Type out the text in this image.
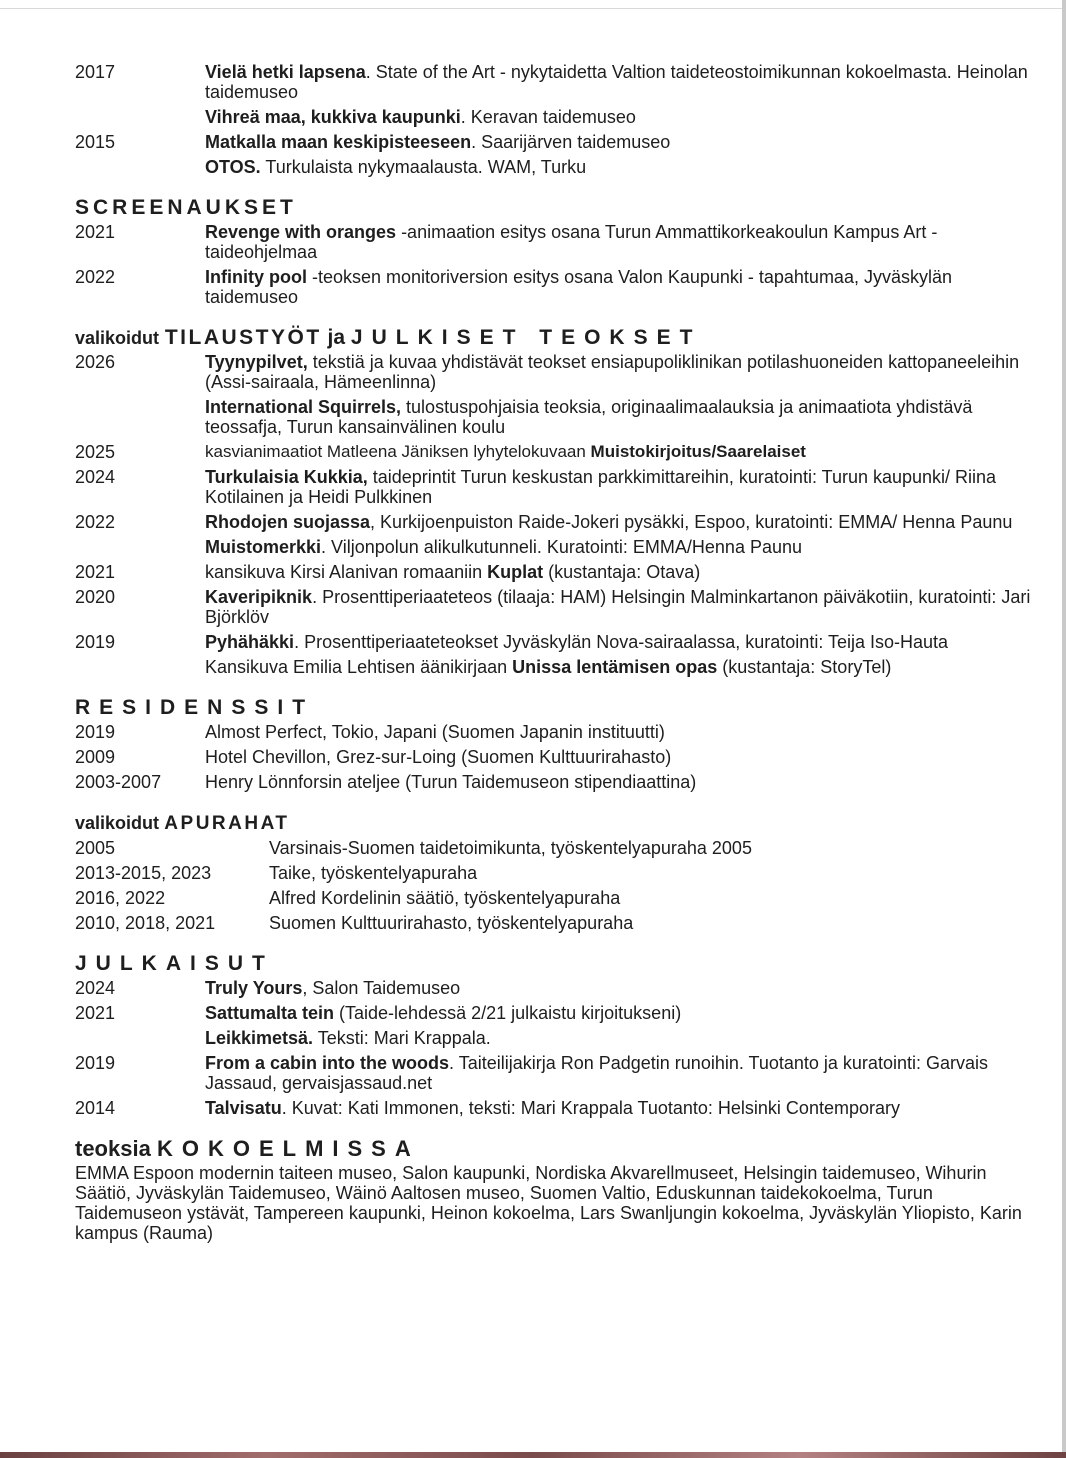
2017	Vielä hetki lapsena. State of the Art - nykytaidetta Valtion taideteostoimikunnan kokoelmasta. Heinolan taidemuseo
Vihreä maa, kukkiva kaupunki. Keravan taidemuseo
2015	Matkalla maan keskipisteeseen. Saarijärven taidemuseo
OTOS. Turkulaista nykymaalausta. WAM, Turku
SCREENAUKSET
2021	Revenge with oranges -animaation esitys osana Turun Ammattikorkeakoulun Kampus Art -taideohjelmaa
2022	Infinity pool -teoksen monitoriversion esitys osana Valon Kaupunki - tapahtumaa, Jyväskylän taidemuseo
valikoidut TILAUSTYÖT ja JULKISET TEOKSET
2026	Tyynypilvet, tekstiä ja kuvaa yhdistävät teokset ensiapupoliklinikan potilashuoneiden kattopaneeleihin (Assi-sairaala, Hämeenlinna)
International Squirrels, tulostuspohjaisia teoksia, originaalimaalauksia ja animaatiota yhdistävä teossafja, Turun kansainvälinen koulu
2025	kasvianimaatiot Matleena Jäniksen lyhytelokuvaan Muistokirjoitus/Saarelaiset
2024	Turkulaisia Kukkia, taideprintit Turun keskustan parkkimittareihin, kuratointi: Turun kaupunki/ Riina Kotilainen ja Heidi Pulkkinen
2022	Rhodojen suojassa, Kurkijoenpuiston Raide-Jokeri pysäkki, Espoo, kuratointi: EMMA/ Henna Paunu
Muistomerkki. Viljonpolun alikulkutunneli. Kuratointi: EMMA/Henna Paunu
2021	kansikuva Kirsi Alanivan romaaniin Kuplat (kustantaja: Otava)
2020	Kaveripiknik. Prosenttiperiaateteos (tilaaja: HAM) Helsingin Malminkartanon päiväkotiin, kuratointi: Jari Björklöv
2019	Pyhähäkki. Prosenttiperiaateteokset Jyväskylän Nova-sairaalassa, kuratointi: Teija Iso-Hauta
Kansikuva Emilia Lehtisen äänikirjaan Unissa lentämisen opas (kustantaja: StoryTel)
RESIDENSSIT
2019	Almost Perfect, Tokio, Japani (Suomen Japanin instituutti)
2009	Hotel Chevillon, Grez-sur-Loing (Suomen Kulttuurirahasto)
2003-2007	Henry Lönnforsin ateljee (Turun Taidemuseon stipendiaattina)
valikoidut APURAHAT
2005	Varsinais-Suomen taidetoimikunta, työskentelyapuraha 2005
2013-2015, 2023	Taike, työskentelyapuraha
2016, 2022	Alfred Kordelinin säätiö, työskentelyapuraha
2010, 2018, 2021	Suomen Kulttuurirahasto, työskentelyapuraha
JULKAISUT
2024	Truly Yours, Salon Taidemuseo
2021	Sattumalta tein (Taide-lehdessä 2/21 julkaistu kirjoitukseni)
Leikkimetsä. Teksti: Mari Krappala.
2019	From a cabin into the woods. Taiteilijakirja Ron Padgetin runoihin. Tuotanto ja kuratointi: Garvais Jassaud, gervaisjassaud.net
2014	Talvisatu. Kuvat: Kati Immonen, teksti: Mari Krappala Tuotanto: Helsinki Contemporary
teoksia KOKOELMISSA
EMMA Espoon modernin taiteen museo, Salon kaupunki, Nordiska Akvarellmuseet, Helsingin taidemuseo, Wihurin Säätiö, Jyväskylän Taidemuseo, Wäinö Aaltosen museo, Suomen Valtio, Eduskunnan taidekokoelma, Turun Taidemuseon ystävät, Tampereen kaupunki, Heinon kokoelma, Lars Swanljungin kokoelma, Jyväskylän Yliopisto, Karin kampus (Rauma)
